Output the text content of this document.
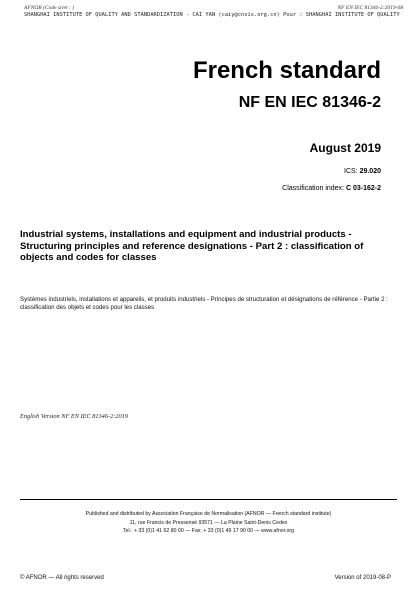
AFNOR (Code siret : )	NF EN IEC 81346-2:2019-08
SHANGHAI INSTITUTE OF QUALITY AND STANDARDIZATION - CAI YAN (caiy@cnsis.org.cn) Pour : SHANGHAI INSTITUTE OF QUALITY
French standard
NF EN IEC 81346-2
August 2019
ICS: 29.020
Classification index: C 03-162-2
Industrial systems, installations and equipment and industrial products - Structuring principles and reference designations - Part 2 : classification of objects and codes for classes
Systèmes industriels, installations et appareils, et produits industriels - Principes de structuration et désignations de référence - Partie 2 : classification des objets et codes pour les classes
English Version NF EN IEC 81346-2:2019
Published and distributed by Association Française de Normalisation (AFNOR — French standard institute)
11, rue Francis de Pressensé 93571 — La Plaine Saint-Denis Cedex
Tel.: + 33 (0)1 41 62 80 00 — Fax: + 33 (0)1 49 17 90 00 — www.afnor.org
© AFNOR — All rights reserved	Version of 2019-08-P
